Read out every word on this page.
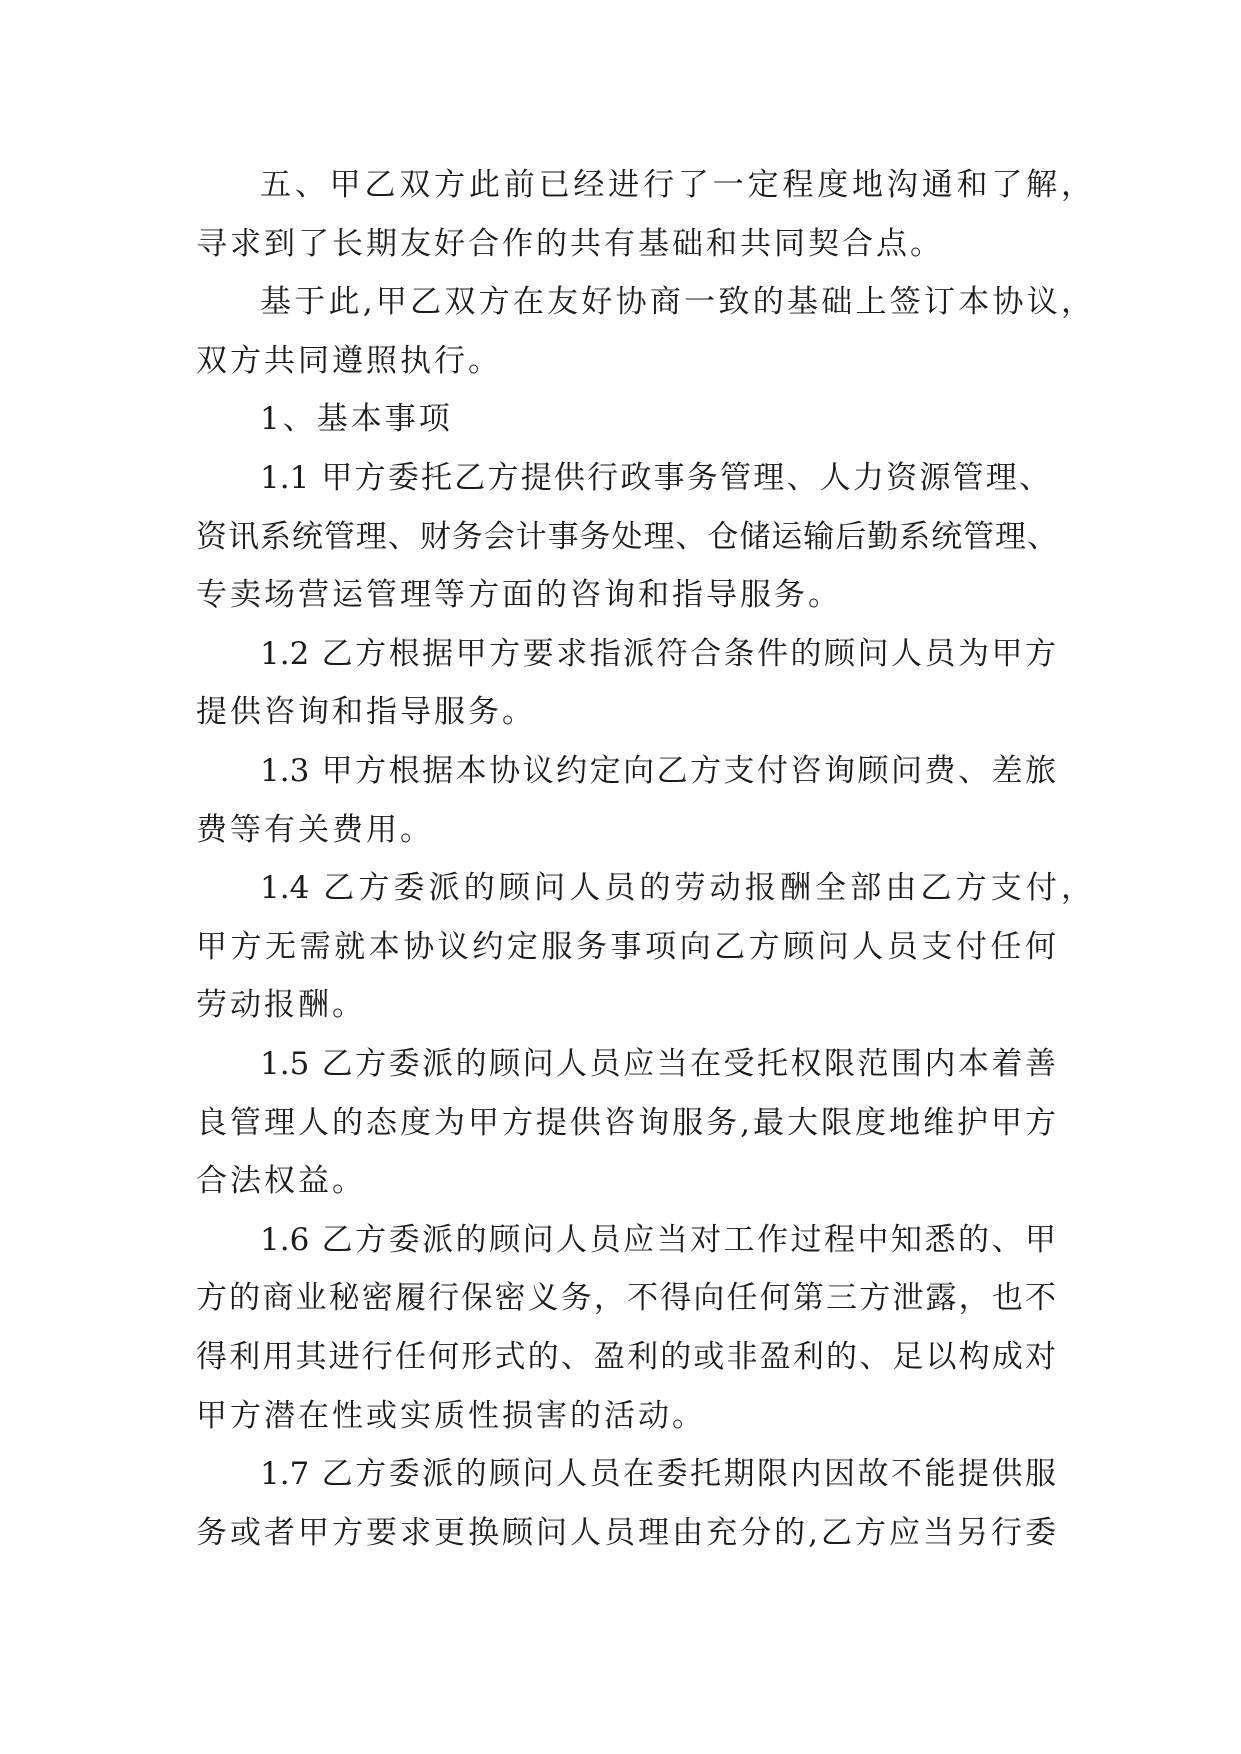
五、甲乙双方此前已经进行了一定程度地沟通和了解，
寻求到了长期友好合作的共有基础和共同契合点。
基于此,甲乙双方在友好协商一致的基础上签订本协议，
双方共同遵照执行。
1、基本事项
1.1 甲方委托乙方提供行政事务管理、人力资源管理、
资讯系统管理、财务会计事务处理、仓储运输后勤系统管理、
专卖场营运管理等方面的咨询和指导服务。
1.2 乙方根据甲方要求指派符合条件的顾问人员为甲方
提供咨询和指导服务。
1.3 甲方根据本协议约定向乙方支付咨询顾问费、差旅
费等有关费用。
1.4 乙方委派的顾问人员的劳动报酬全部由乙方支付，
甲方无需就本协议约定服务事项向乙方顾问人员支付任何
劳动报酬。
1.5 乙方委派的顾问人员应当在受托权限范围内本着善
良管理人的态度为甲方提供咨询服务,最大限度地维护甲方
合法权益。
1.6 乙方委派的顾问人员应当对工作过程中知悉的、甲
方的商业秘密履行保密义务，不得向任何第三方泄露，也不
得利用其进行任何形式的、盈利的或非盈利的、足以构成对
甲方潜在性或实质性损害的活动。
1.7 乙方委派的顾问人员在委托期限内因故不能提供服
务或者甲方要求更换顾问人员理由充分的,乙方应当另行委
